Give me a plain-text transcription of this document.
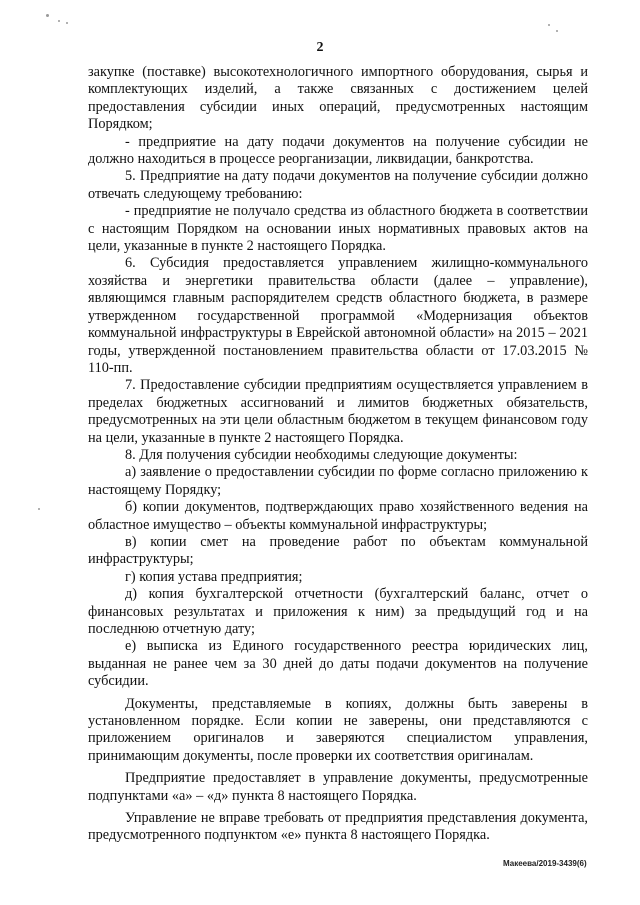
2

закупке (поставке) высокотехнологичного импортного оборудования, сырья и комплектующих изделий, а также связанных с достижением целей предоставления субсидии иных операций, предусмотренных настоящим Порядком;

- предприятие на дату подачи документов на получение субсидии не должно находиться в процессе реорганизации, ликвидации, банкротства.

5. Предприятие на дату подачи документов на получение субсидии должно отвечать следующему требованию:

- предприятие не получало средства из областного бюджета в соответствии с настоящим Порядком на основании иных нормативных правовых актов на цели, указанные в пункте 2 настоящего Порядка.

6. Субсидия предоставляется управлением жилищно-коммунального хозяйства и энергетики правительства области (далее – управление), являющимся главным распорядителем средств областного бюджета, в размере утвержденном государственной программой «Модернизация объектов коммунальной инфраструктуры в Еврейской автономной области» на 2015 – 2021 годы, утвержденной постановлением правительства области от 17.03.2015 № 110-пп.

7. Предоставление субсидии предприятиям осуществляется управлением в пределах бюджетных ассигнований и лимитов бюджетных обязательств, предусмотренных на эти цели областным бюджетом в текущем финансовом году на цели, указанные в пункте 2 настоящего Порядка.

8. Для получения субсидии необходимы следующие документы:

а) заявление о предоставлении субсидии по форме согласно приложению к настоящему Порядку;

б) копии документов, подтверждающих право хозяйственного ведения на областное имущество – объекты коммунальной инфраструктуры;

в) копии смет на проведение работ по объектам коммунальной инфраструктуры;

г) копия устава предприятия;

д) копия бухгалтерской отчетности (бухгалтерский баланс, отчет о финансовых результатах и приложения к ним) за предыдущий год и на последнюю отчетную дату;

е) выписка из Единого государственного реестра юридических лиц, выданная не ранее чем за 30 дней до даты подачи документов на получение субсидии.

Документы, представляемые в копиях, должны быть заверены в установленном порядке. Если копии не заверены, они представляются с приложением оригиналов и заверяются специалистом управления, принимающим документы, после проверки их соответствия оригиналам.

Предприятие предоставляет в управление документы, предусмотренные подпунктами «а» – «д» пункта 8 настоящего Порядка.

Управление не вправе требовать от предприятия представления документа, предусмотренного подпунктом «е» пункта 8 настоящего Порядка.

Макеева/2019-3439(6)
